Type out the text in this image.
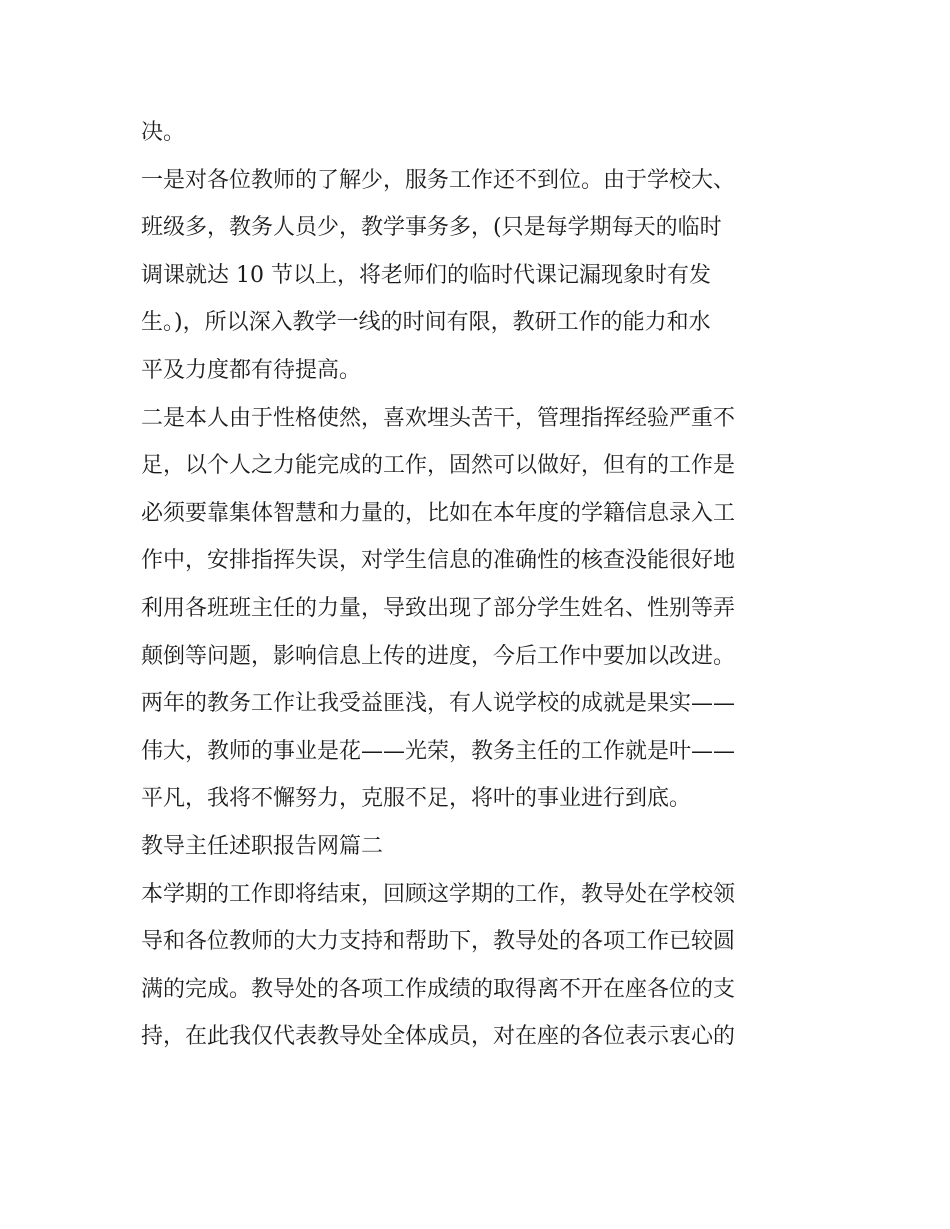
决。
一是对各位教师的了解少，服务工作还不到位。由于学校大、
班级多，教务人员少，教学事务多，(只是每学期每天的临时
调课就达 10 节以上，将老师们的临时代课记漏现象时有发
生。)，所以深入教学一线的时间有限，教研工作的能力和水
平及力度都有待提高。
二是本人由于性格使然，喜欢埋头苦干，管理指挥经验严重不
足，以个人之力能完成的工作，固然可以做好，但有的工作是
必须要靠集体智慧和力量的，比如在本年度的学籍信息录入工
作中，安排指挥失误，对学生信息的准确性的核查没能很好地
利用各班班主任的力量，导致出现了部分学生姓名、性别等弄
颠倒等问题，影响信息上传的进度，今后工作中要加以改进。
两年的教务工作让我受益匪浅，有人说学校的成就是果实——
伟大，教师的事业是花——光荣，教务主任的工作就是叶——
平凡，我将不懈努力，克服不足，将叶的事业进行到底。
教导主任述职报告网篇二
本学期的工作即将结束，回顾这学期的工作，教导处在学校领
导和各位教师的大力支持和帮助下，教导处的各项工作已较圆
满的完成。教导处的各项工作成绩的取得离不开在座各位的支
持，在此我仅代表教导处全体成员，对在座的各位表示衷心的
